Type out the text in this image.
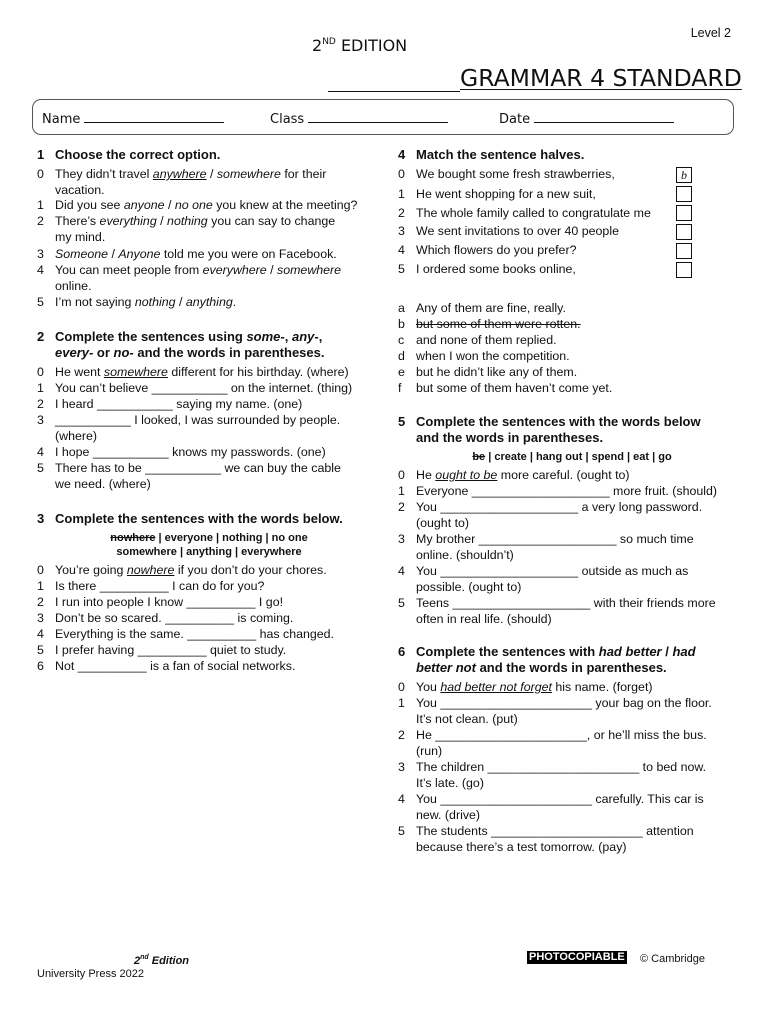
Level 2
2ND EDITION
GRAMMAR 4 STANDARD
Name	Class	Date
1 Choose the correct option.
0 They didn’t travel anywhere / somewhere for their
vacation.
1 Did you see anyone / no one you knew at the meeting?
2 There’s everything / nothing you can say to change
my mind.
3 Someone / Anyone told me you were on Facebook.
4 You can meet people from everywhere / somewhere
online.
5 I’m not saying nothing / anything.
2 Complete the sentences using some-, any-,
every- or no- and the words in parentheses.
0 He went somewhere different for his birthday. (where)
1 You can’t believe ___________ on the internet. (thing)
2 I heard ___________ saying my name. (one)
3 ___________ I looked, I was surrounded by people.
(where)
4 I hope ___________ knows my passwords. (one)
5 There has to be ___________ we can buy the cable
we need. (where)
3 Complete the sentences with the words below.
nowhere | everyone | nothing | no one
somewhere | anything | everywhere
0 You’re going nowhere if you don’t do your chores.
1 Is there __________ I can do for you?
2 I run into people I know __________ I go!
3 Don’t be so scared. __________ is coming.
4 Everything is the same. __________ has changed.
5 I prefer having __________ quiet to study.
6 Not __________ is a fan of social networks.
4 Match the sentence halves.
0 We bought some fresh strawberries,
1 He went shopping for a new suit,
2 The whole family called to congratulate me
3 We sent invitations to over 40 people
4 Which flowers do you prefer?
5 I ordered some books online,
b
a Any of them are fine, really.
b but some of them were rotten.
c and none of them replied.
d when I won the competition.
e but he didn’t like any of them.
f but some of them haven’t come yet.
5 Complete the sentences with the words below
and the words in parentheses.
be | create | hang out | spend | eat | go
0 He ought to be more careful. (ought to)
1 Everyone ____________________ more fruit. (should)
2 You ____________________ a very long password.
(ought to)
3 My brother ____________________ so much time
online. (shouldn’t)
4 You ____________________ outside as much as
possible. (ought to)
5 Teens ____________________ with their friends more
often in real life. (should)
6 Complete the sentences with had better / had
better not and the words in parentheses.
0 You had better not forget his name. (forget)
1 You ______________________ your bag on the floor.
It’s not clean. (put)
2 He ______________________, or he’ll miss the bus.
(run)
3 The children ______________________ to bed now.
It’s late. (go)
4 You ______________________ carefully. This car is
new. (drive)
5 The students ______________________ attention
because there’s a test tomorrow. (pay)
2nd Edition
University Press 2022
PHOTOCOPIABLE © Cambridge
